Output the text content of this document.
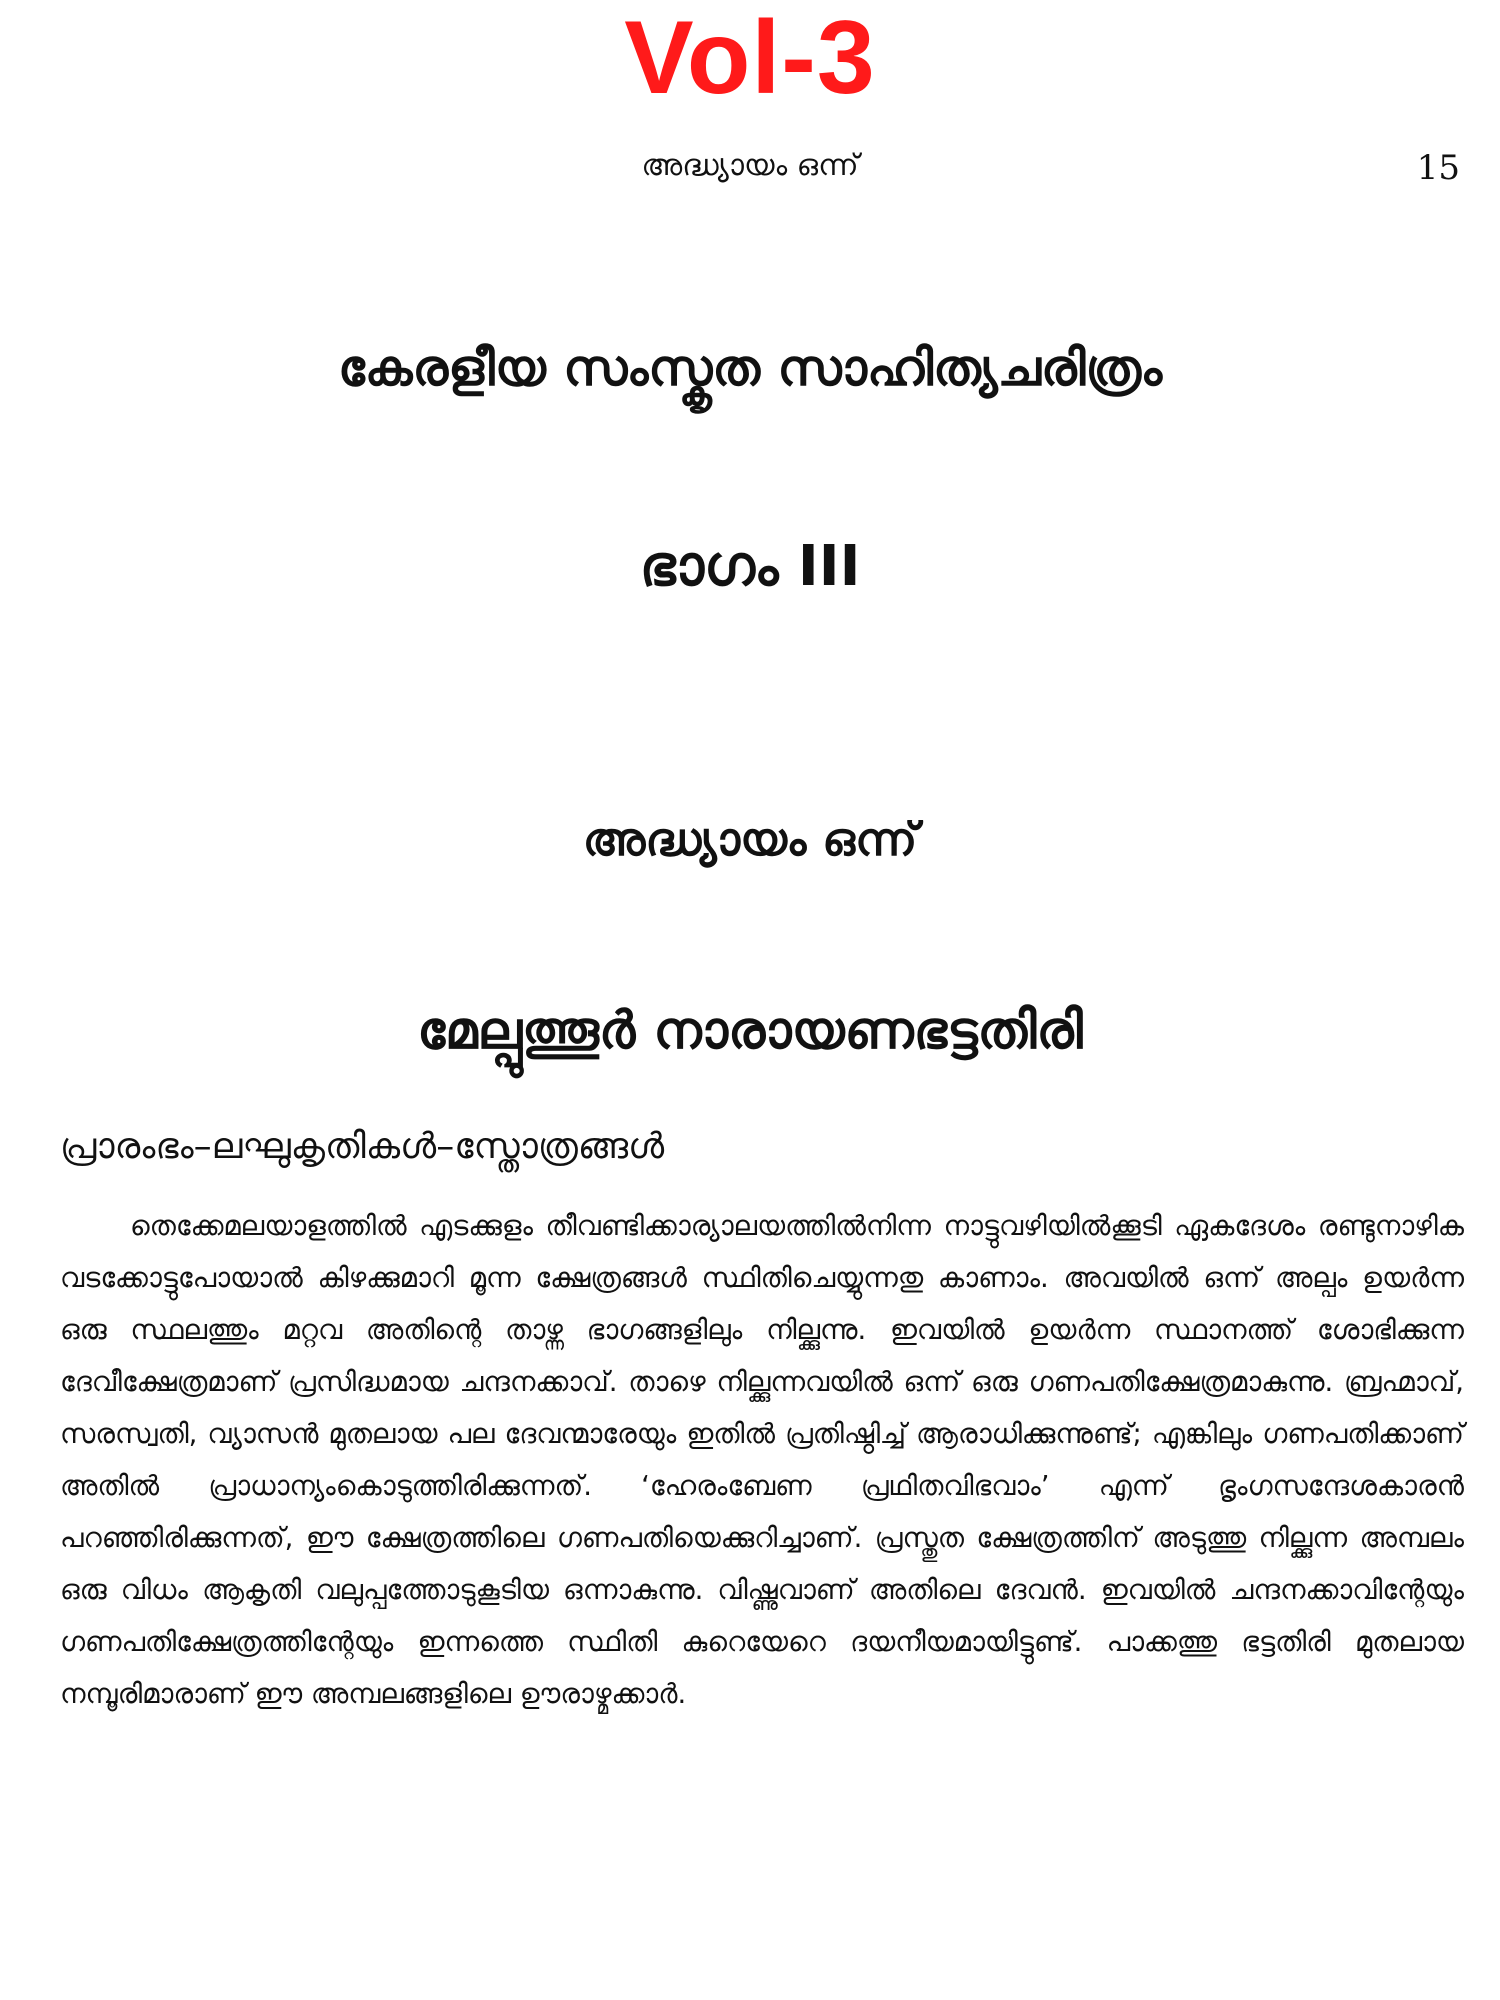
Vol-3
അദ്ധ്യായം ഒന്ന്	15
കേരളീയ സംസ്കൃത സാഹിത്യചരിത്രം
ഭാഗം III
അദ്ധ്യായം ഒന്ന്
മേല്പുത്തൂർ നാരായണഭട്ടതിരി
പ്രാരംഭം–ലഘുകൃതികൾ–സ്തോത്രങ്ങൾ

തെക്കേമലയാളത്തിൽ എടക്കുളം തീവണ്ടിക്കാര്യാലയത്തിൽനിന്ന നാട്ടുവഴിയിൽക്കൂടി ഏകദേശം രണ്ടുനാഴിക വടക്കോട്ടുപോയാൽ കിഴക്കുമാറി മൂന്ന ക്ഷേത്രങ്ങൾ സ്ഥിതിചെയ്യുന്നതു കാണാം. അവയിൽ ഒന്ന് അല്പം ഉയർന്ന ഒരു സ്ഥലത്തും മറ്റവ അതിന്റെ താഴ്ന്ന ഭാഗങ്ങളിലും നില്ക്കുന്നു. ഇവയിൽ ഉയർന്ന സ്ഥാനത്ത് ശോഭിക്കുന്ന ദേവീക്ഷേത്രമാണ് പ്രസിദ്ധമായ ചന്ദനക്കാവ്. താഴെ നില്ക്കുന്നവയിൽ ഒന്ന് ഒരു ഗണപതിക്ഷേത്രമാകുന്നു. ബ്രഹ്മാവ്, സരസ്വതി, വ്യാസൻ മുതലായ പല ദേവന്മാരേയും ഇതിൽ പ്രതിഷ്ഠിച്ച് ആരാധിക്കുന്നുണ്ട്; എങ്കിലും ഗണപതിക്കാണ് അതിൽ പ്രാധാന്യംകൊടുത്തിരിക്കുന്നത്. ‘ഹേരംബേണ പ്രഥിതവിഭവാം’ എന്ന് ഭൃംഗസന്ദേശകാരൻ പറഞ്ഞിരിക്കുന്നത്, ഈ ക്ഷേത്രത്തിലെ ഗണപതിയെക്കുറിച്ചാണ്. പ്രസ്തുത ക്ഷേത്രത്തിന് അടുത്തു നില്ക്കുന്ന അമ്പലം ഒരു വിധം ആകൃതി വലുപ്പത്തോടുകൂടിയ ഒന്നാകുന്നു. വിഷ്ണുവാണ് അതിലെ ദേവൻ. ഇവയിൽ ചന്ദനക്കാവിന്റേയും ഗണപതിക്ഷേത്രത്തിന്റേയും ഇന്നത്തെ സ്ഥിതി കുറെയേറെ ദയനീയമായിട്ടുണ്ട്. പാക്കത്തു ഭട്ടതിരി മുതലായ നമ്പൂരിമാരാണ് ഈ അമ്പലങ്ങളിലെ ഊരാഴ്മക്കാർ.
